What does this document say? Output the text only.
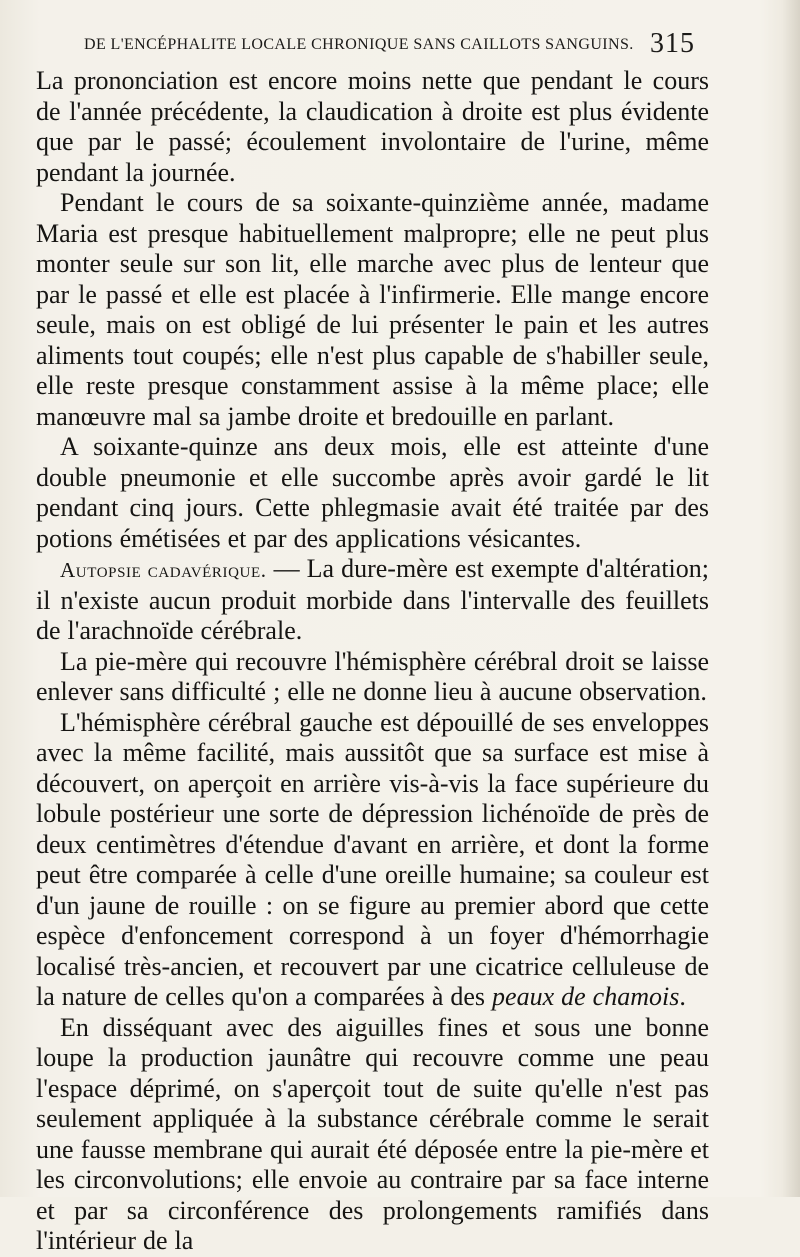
DE L'ENCÉPHALITE LOCALE CHRONIQUE SANS CAILLOTS SANGUINS. 315

La prononciation est encore moins nette que pendant le cours de l'année précédente, la claudication à droite est plus évidente que par le passé; écoulement involontaire de l'urine, même pendant la journée.

Pendant le cours de sa soixante-quinzième année, madame Maria est presque habituellement malpropre; elle ne peut plus monter seule sur son lit, elle marche avec plus de lenteur que par le passé et elle est placée à l'infirmerie. Elle mange encore seule, mais on est obligé de lui présenter le pain et les autres aliments tout coupés; elle n'est plus capable de s'habiller seule, elle reste presque constamment assise à la même place; elle manœuvre mal sa jambe droite et bredouille en parlant.

A soixante-quinze ans deux mois, elle est atteinte d'une double pneumonie et elle succombe après avoir gardé le lit pendant cinq jours. Cette phlegmasie avait été traitée par des potions émétisées et par des applications vésicantes.

Autopsie cadavérique. — La dure-mère est exempte d'altération; il n'existe aucun produit morbide dans l'intervalle des feuillets de l'arachnoïde cérébrale.

La pie-mère qui recouvre l'hémisphère cérébral droit se laisse enlever sans difficulté ; elle ne donne lieu à aucune observation.

L'hémisphère cérébral gauche est dépouillé de ses enveloppes avec la même facilité, mais aussitôt que sa surface est mise à découvert, on aperçoit en arrière vis-à-vis la face supérieure du lobule postérieur une sorte de dépression lichénoïde de près de deux centimètres d'étendue d'avant en arrière, et dont la forme peut être comparée à celle d'une oreille humaine; sa couleur est d'un jaune de rouille : on se figure au premier abord que cette espèce d'enfoncement correspond à un foyer d'hémorrhagie localisé très-ancien, et recouvert par une cicatrice celluleuse de la nature de celles qu'on a comparées à des peaux de chamois.

En disséquant avec des aiguilles fines et sous une bonne loupe la production jaunâtre qui recouvre comme une peau l'espace déprimé, on s'aperçoit tout de suite qu'elle n'est pas seulement appliquée à la substance cérébrale comme le serait une fausse membrane qui aurait été déposée entre la pie-mère et les circonvolutions; elle envoie au contraire par sa face interne et par sa circonférence des prolongements ramifiés dans l'intérieur de la
